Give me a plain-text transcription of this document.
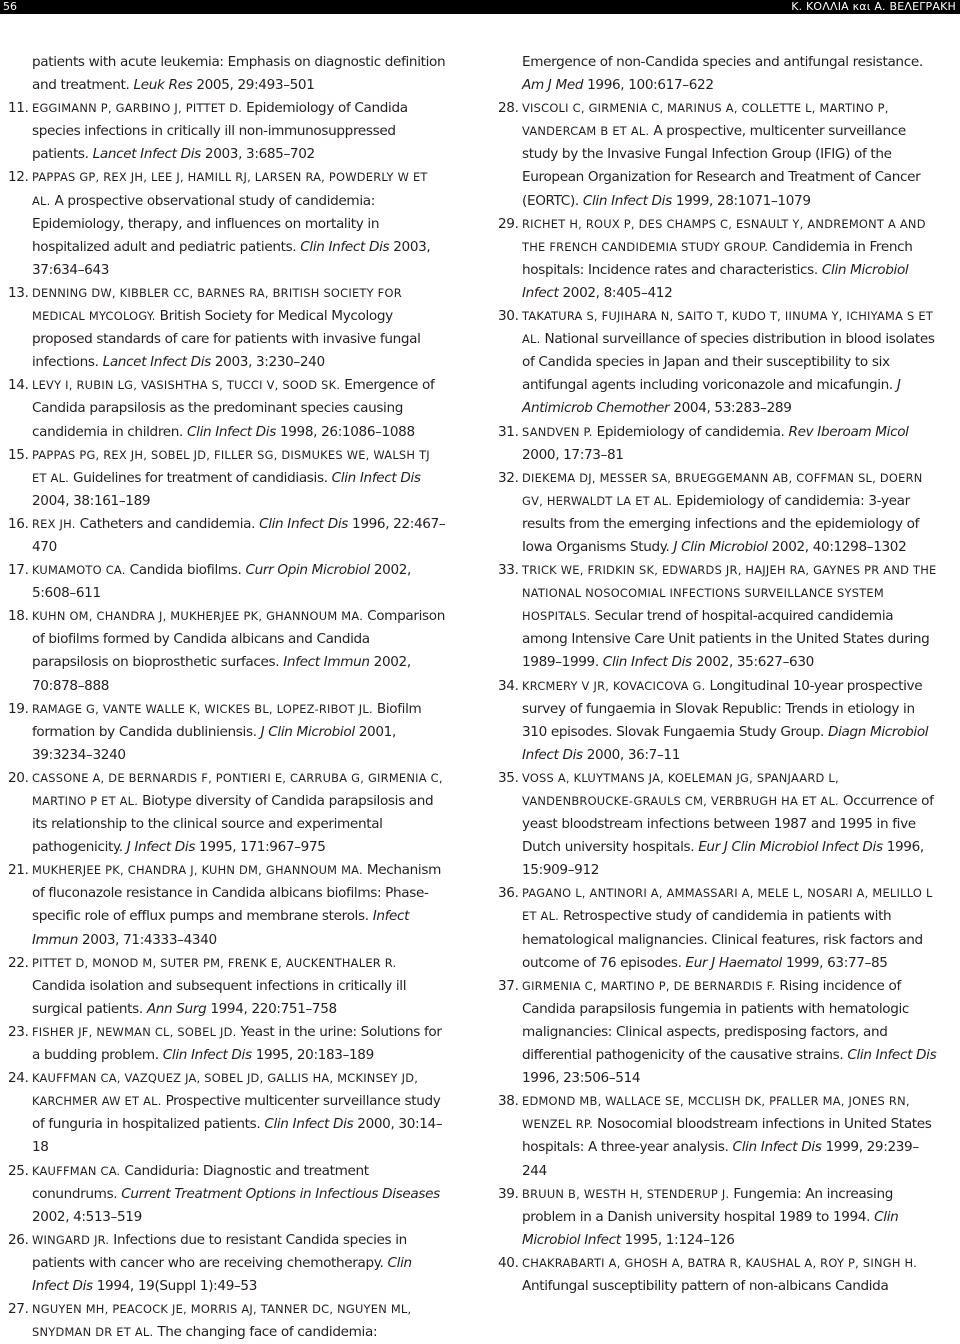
56	Κ. ΚΟΛΛΙΑ και Α. ΒΕΛΕΓΡΑΚΗ
patients with acute leukemia: Emphasis on diagnostic definition and treatment. Leuk Res 2005, 29:493–501
11. EGGIMANN P, GARBINO J, PITTET D. Epidemiology of Candida species infections in critically ill non-immunosuppressed patients. Lancet Infect Dis 2003, 3:685–702
12. PAPPAS GP, REX JH, LEE J, HAMILL RJ, LARSEN RA, POWDERLY W ET AL. A prospective observational study of candidemia: Epidemiology, therapy, and influences on mortality in hospitalized adult and pediatric patients. Clin Infect Dis 2003, 37:634–643
13. DENNING DW, KIBBLER CC, BARNES RA, BRITISH SOCIETY FOR MEDICAL MYCOLOGY. British Society for Medical Mycology proposed standards of care for patients with invasive fungal infections. Lancet Infect Dis 2003, 3:230–240
14. LEVY I, RUBIN LG, VASISHTHA S, TUCCI V, SOOD SK. Emergence of Candida parapsilosis as the predominant species causing candidemia in children. Clin Infect Dis 1998, 26:1086–1088
15. PAPPAS PG, REX JH, SOBEL JD, FILLER SG, DISMUKES WE, WALSH TJ ET AL. Guidelines for treatment of candidiasis. Clin Infect Dis 2004, 38:161–189
16. REX JH. Catheters and candidemia. Clin Infect Dis 1996, 22:467–470
17. KUMAMOTO CA. Candida biofilms. Curr Opin Microbiol 2002, 5:608–611
18. KUHN OM, CHANDRA J, MUKHERJEE PK, GHANNOUM MA. Comparison of biofilms formed by Candida albicans and Candida parapsilosis on bioprosthetic surfaces. Infect Immun 2002, 70:878–888
19. RAMAGE G, VANTE WALLE K, WICKES BL, LOPEZ-RIBOT JL. Biofilm formation by Candida dubliniensis. J Clin Microbiol 2001, 39:3234–3240
20. CASSONE A, DE BERNARDIS F, PONTIERI E, CARRUBA G, GIRMENIA C, MARTINO P ET AL. Biotype diversity of Candida parapsilosis and its relationship to the clinical source and experimental pathogenicity. J Infect Dis 1995, 171:967–975
21. MUKHERJEE PK, CHANDRA J, KUHN DM, GHANNOUM MA. Mechanism of fluconazole resistance in Candida albicans biofilms: Phase-specific role of efflux pumps and membrane sterols. Infect Immun 2003, 71:4333–4340
22. PITTET D, MONOD M, SUTER PM, FRENK E, AUCKENTHALER R. Candida isolation and subsequent infections in critically ill surgical patients. Ann Surg 1994, 220:751–758
23. FISHER JF, NEWMAN CL, SOBEL JD. Yeast in the urine: Solutions for a budding problem. Clin Infect Dis 1995, 20:183–189
24. KAUFFMAN CA, VAZQUEZ JA, SOBEL JD, GALLIS HA, MCKINSEY JD, KARCHMER AW ET AL. Prospective multicenter surveillance study of funguria in hospitalized patients. Clin Infect Dis 2000, 30:14–18
25. KAUFFMAN CA. Candiduria: Diagnostic and treatment conundrums. Current Treatment Options in Infectious Diseases 2002, 4:513–519
26. WINGARD JR. Infections due to resistant Candida species in patients with cancer who are receiving chemotherapy. Clin Infect Dis 1994, 19(Suppl 1):49–53
27. NGUYEN MH, PEACOCK JE, MORRIS AJ, TANNER DC, NGUYEN ML, SNYDMAN DR ET AL. The changing face of candidemia:
Emergence of non-Candida species and antifungal resistance. Am J Med 1996, 100:617–622
28. VISCOLI C, GIRMENIA C, MARINUS A, COLLETTE L, MARTINO P, VANDERCAM B ET AL. A prospective, multicenter surveillance study by the Invasive Fungal Infection Group (IFIG) of the European Organization for Research and Treatment of Cancer (EORTC). Clin Infect Dis 1999, 28:1071–1079
29. RICHET H, ROUX P, DES CHAMPS C, ESNAULT Y, ANDREMONT A AND THE FRENCH CANDIDEMIA STUDY GROUP. Candidemia in French hospitals: Incidence rates and characteristics. Clin Microbiol Infect 2002, 8:405–412
30. TAKATURA S, FUJIHARA N, SAITO T, KUDO T, IINUMA Y, ICHIYAMA S ET AL. National surveillance of species distribution in blood isolates of Candida species in Japan and their susceptibility to six antifungal agents including voriconazole and micafungin. J Antimicrob Chemother 2004, 53:283–289
31. SANDVEN P. Epidemiology of candidemia. Rev Iberoam Micol 2000, 17:73–81
32. DIEKEMA DJ, MESSER SA, BRUEGGEMANN AB, COFFMAN SL, DOERN GV, HERWALDT LA ET AL. Epidemiology of candidemia: 3-year results from the emerging infections and the epidemiology of Iowa Organisms Study. J Clin Microbiol 2002, 40:1298–1302
33. TRICK WE, FRIDKIN SK, EDWARDS JR, HAJJEH RA, GAYNES PR AND THE NATIONAL NOSOCOMIAL INFECTIONS SURVEILLANCE SYSTEM HOSPITALS. Secular trend of hospital-acquired candidemia among Intensive Care Unit patients in the United States during 1989–1999. Clin Infect Dis 2002, 35:627–630
34. KRCMERY V JR, KOVACICOVA G. Longitudinal 10-year prospective survey of fungaemia in Slovak Republic: Trends in etiology in 310 episodes. Slovak Fungaemia Study Group. Diagn Microbiol Infect Dis 2000, 36:7–11
35. VOSS A, KLUYTMANS JA, KOELEMAN JG, SPANJAARD L, VANDENBROUCKE-GRAULS CM, VERBRUGH HA ET AL. Occurrence of yeast bloodstream infections between 1987 and 1995 in five Dutch university hospitals. Eur J Clin Microbiol Infect Dis 1996, 15:909–912
36. PAGANO L, ANTINORI A, AMMASSARI A, MELE L, NOSARI A, MELILLO L ET AL. Retrospective study of candidemia in patients with hematological malignancies. Clinical features, risk factors and outcome of 76 episodes. Eur J Haematol 1999, 63:77–85
37. GIRMENIA C, MARTINO P, DE BERNARDIS F. Rising incidence of Candida parapsilosis fungemia in patients with hematologic malignancies: Clinical aspects, predisposing factors, and differential pathogenicity of the causative strains. Clin Infect Dis 1996, 23:506–514
38. EDMOND MB, WALLACE SE, MCCLISH DK, PFALLER MA, JONES RN, WENZEL RP. Nosocomial bloodstream infections in United States hospitals: A three-year analysis. Clin Infect Dis 1999, 29:239–244
39. BRUUN B, WESTH H, STENDERUP J. Fungemia: An increasing problem in a Danish university hospital 1989 to 1994. Clin Microbiol Infect 1995, 1:124–126
40. CHAKRABARTI A, GHOSH A, BATRA R, KAUSHAL A, ROY P, SINGH H. Antifungal susceptibility pattern of non-albicans Candida
